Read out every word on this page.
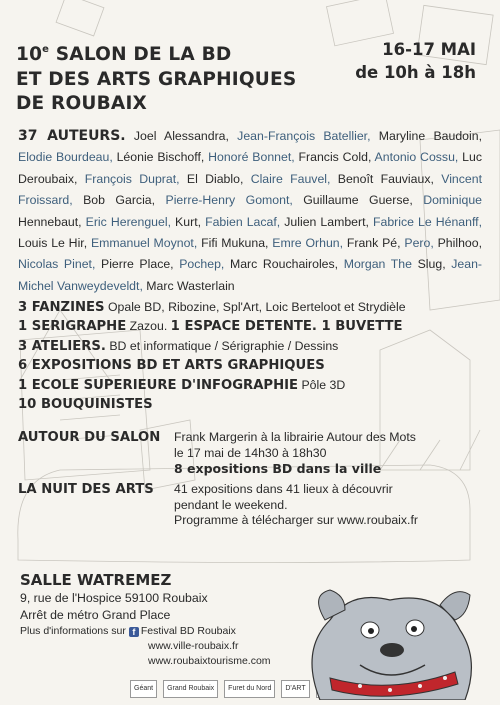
10e SALON DE LA BD
ET DES ARTS GRAPHIQUES
DE ROUBAIX
16-17 MAI
de 10h à 18h
37 AUTEURS. Joel Alessandra, Jean-François Batellier, Maryline Baudoin, Elodie Bourdeau, Léonie Bischoff, Honoré Bonnet, Francis Cold, Antonio Cossu, Luc Deroubaix, François Duprat, El Diablo, Claire Fauvel, Benoît Fauviaux, Vincent Froissard, Bob Garcia, Pierre-Henry Gomont, Guillaume Guerse, Dominique Hennebaut, Eric Herenguel, Kurt, Fabien Lacaf, Julien Lambert, Fabrice Le Hénanff, Louis Le Hir, Emmanuel Moynot, Fifi Mukuna, Emre Orhun, Frank Pé, Pero, Philhoo, Nicolas Pinet, Pierre Place, Pochep, Marc Rouchairoles, Morgan The Slug, Jean-Michel Vanweydeveldt, Marc Wasterlain
3 FANZINES Opale BD, Ribozine, Spl'Art, Loic Berteloot et Strydièle
1 SERIGRAPHE Zazou. 1 ESPACE DETENTE. 1 BUVETTE
3 ATELIERS. BD et informatique / Sérigraphie / Dessins
6 EXPOSITIONS BD ET ARTS GRAPHIQUES
1 ECOLE SUPERIEURE D'INFOGRAPHIE Pôle 3D
10 BOUQUINISTES
AUTOUR DU SALON Frank Margerin à la librairie Autour des Mots
le 17 mai de 14h30 à 18h30
8 expositions BD dans la ville
LA NUIT DES ARTS 41 expositions dans 41 lieux à découvrir
pendant le weekend.
Programme à télécharger sur www.roubaix.fr
SALLE WATREMEZ
9, rue de l'Hospice 59100 Roubaix
Arrêt de métro Grand Place
Plus d'informations sur f Festival BD Roubaix
www.ville-roubaix.fr
www.roubaixtourisme.com
Géant	Grand Roubaix	Furet du Nord	D'ART
